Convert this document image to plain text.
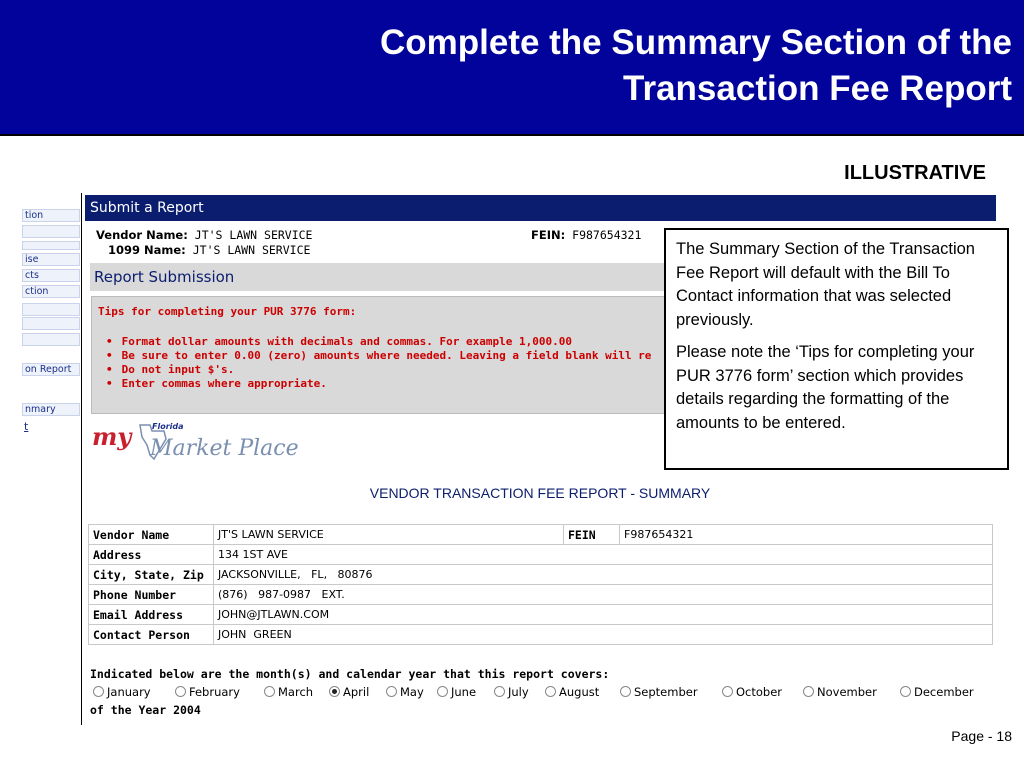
Complete the Summary Section of the
Transaction Fee Report
ILLUSTRATIVE
tion
ise
cts
ction
on Report
nmary
t
Submit a Report
Vendor Name: JT'S LAWN SERVICE	FEIN: F987654321
1099 Name: JT'S LAWN SERVICE
Report Submission
Tips for completing your PUR 3776 form:
• Format dollar amounts with decimals and commas. For example 1,000.00
• Be sure to enter 0.00 (zero) amounts where needed. Leaving a field blank will re
• Do not input $'s.
• Enter commas where appropriate.

The Summary Section of the Transaction Fee Report will default with the Bill To Contact information that was selected previously.

Please note the ‘Tips for completing your PUR 3776 form’ section which provides details regarding the formatting of the amounts to be entered.

my	Florida
Market Place
VENDOR TRANSACTION FEE REPORT - SUMMARY
Vendor Name	JT'S LAWN SERVICE	FEIN	F987654321
Address	134 1ST AVE		
City, State, Zip	JACKSONVILLE,   FL,   80876		
Phone Number	(876)   987-0987   EXT.		
Email Address	JOHN@JTLAWN.COM		
Contact Person	JOHN  GREEN		
Indicated below are the month(s) and calendar year that this report covers:
January	February	March	April	May	June	July	August	September	October	November	December
of the Year 2004
Page - 18
